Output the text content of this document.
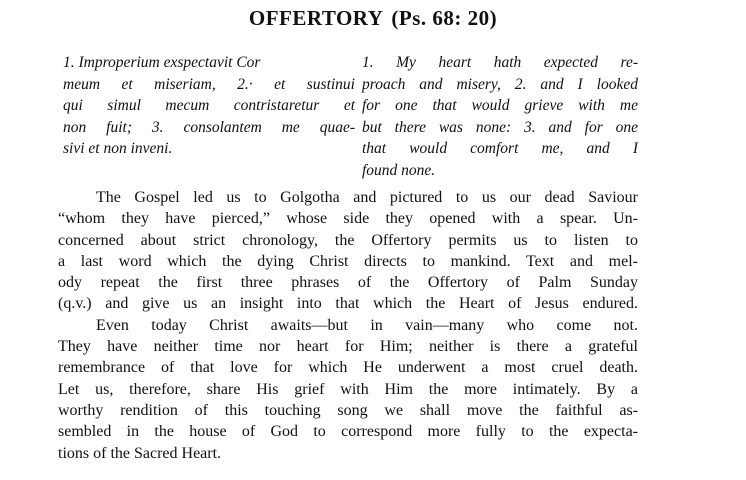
OFFERTORY (Ps. 68: 20)
1. Improperium exspectavit Cor
meum et miseriam, 2.· et sustinui
qui simul mecum contristaretur et
non fuit; 3. consolantem me quae-
sivi et non inveni.
1. My heart hath expected re-
proach and misery, 2. and I looked
for one that would grieve with me
but there was none: 3. and for one
that would comfort me, and I
found none.
The Gospel led us to Golgotha and pictured to us our dead Saviour
“whom they have pierced,” whose side they opened with a spear. Un-
concerned about strict chronology, the Offertory permits us to listen to
a last word which the dying Christ directs to mankind. Text and mel-
ody repeat the first three phrases of the Offertory of Palm Sunday
(q.v.) and give us an insight into that which the Heart of Jesus endured.
Even today Christ awaits—but in vain—many who come not.
They have neither time nor heart for Him; neither is there a grateful
remembrance of that love for which He underwent a most cruel death.
Let us, therefore, share His grief with Him the more intimately. By a
worthy rendition of this touching song we shall move the faithful as-
sembled in the house of God to correspond more fully to the expecta-
tions of the Sacred Heart.
